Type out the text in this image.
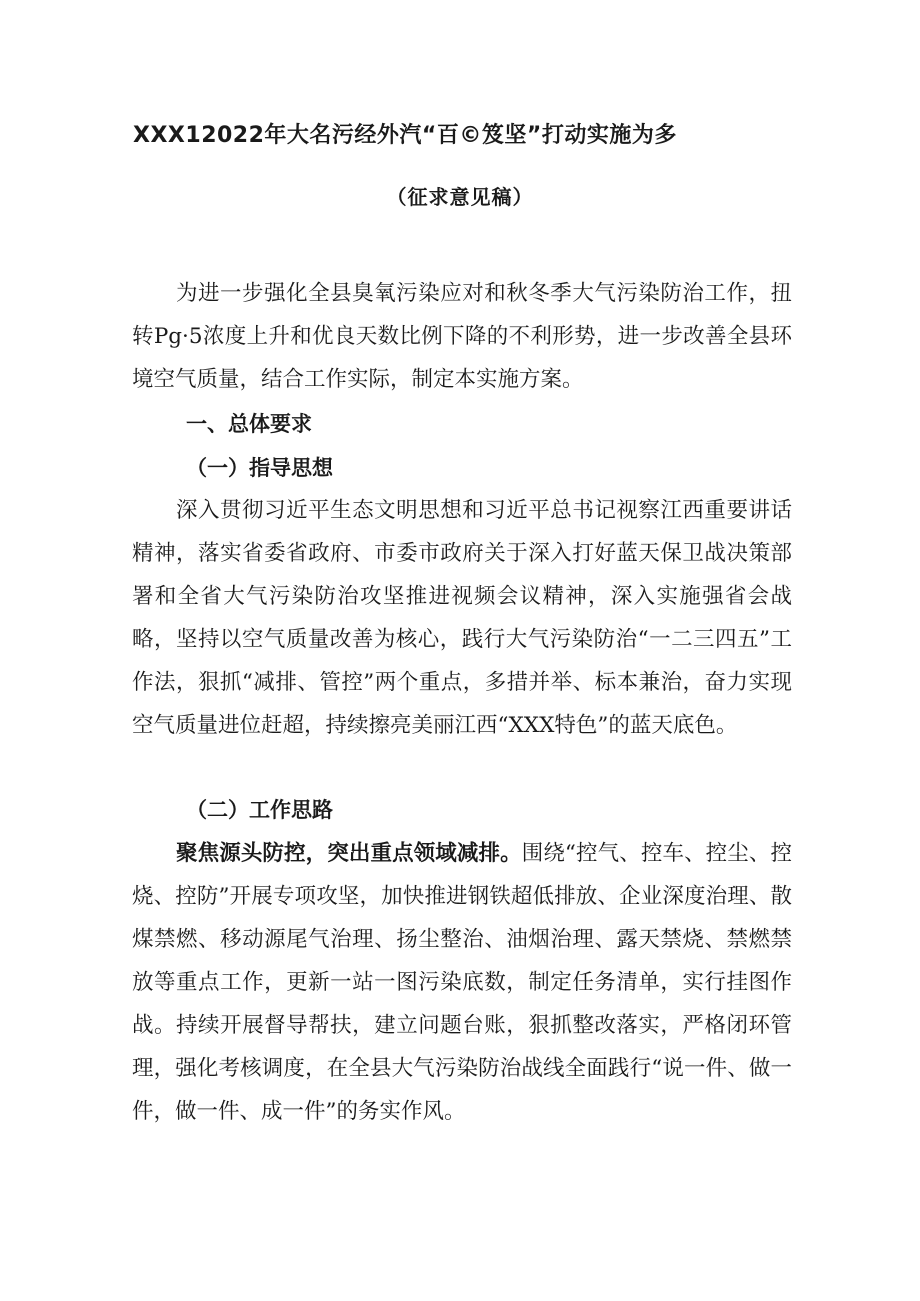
XXX12022年大名污经外汽“百©笈坚”打动实施为多
（征求意见稿）

为进一步强化全县臭氧污染应对和秋冬季大气污染防治工作，扭转Pg·5浓度上升和优良天数比例下降的不利形势，进一步改善全县环境空气质量，结合工作实际，制定本实施方案。

一、总体要求
（一）指导思想

深入贯彻习近平生态文明思想和习近平总书记视察江西重要讲话精神，落实省委省政府、市委市政府关于深入打好蓝天保卫战决策部署和全省大气污染防治攻坚推进视频会议精神，深入实施强省会战略，坚持以空气质量改善为核心，践行大气污染防治“一二三四五”工作法，狠抓“减排、管控”两个重点，多措并举、标本兼治，奋力实现空气质量进位赶超，持续擦亮美丽江西“XXX特色”的蓝天底色。

（二）工作思路

聚焦源头防控，突出重点领域减排。围绕“控气、控车、控尘、控烧、控防”开展专项攻坚，加快推进钢铁超低排放、企业深度治理、散煤禁燃、移动源尾气治理、扬尘整治、油烟治理、露天禁烧、禁燃禁放等重点工作，更新一站一图污染底数，制定任务清单，实行挂图作战。持续开展督导帮扶，建立问题台账，狠抓整改落实，严格闭环管理，强化考核调度，在全县大气污染防治战线全面践行“说一件、做一件，做一件、成一件”的务实作风。
